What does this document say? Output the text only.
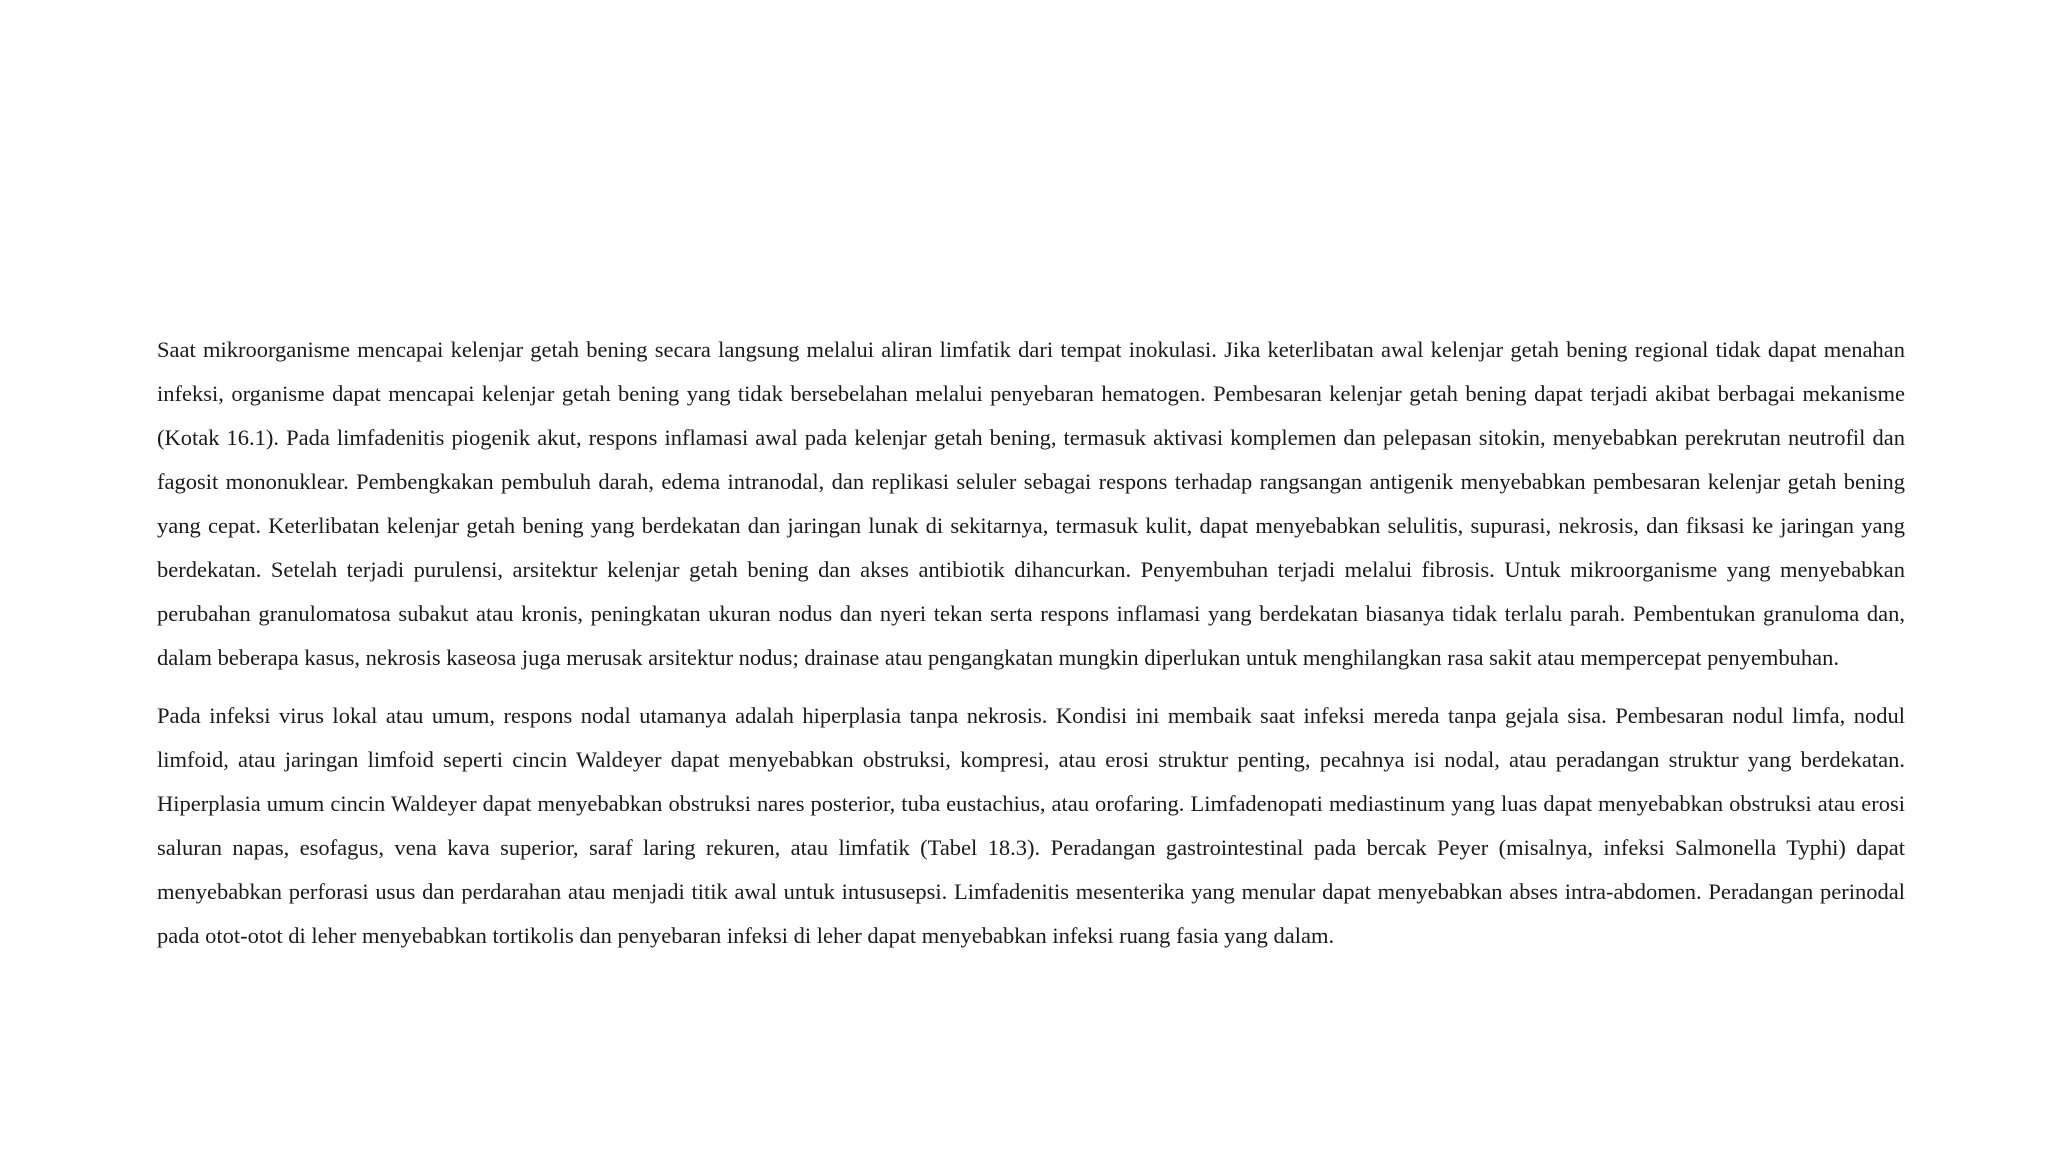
Saat mikroorganisme mencapai kelenjar getah bening secara langsung melalui aliran limfatik dari tempat inokulasi. Jika keterlibatan awal kelenjar getah bening regional tidak dapat menahan infeksi, organisme dapat mencapai kelenjar getah bening yang tidak bersebelahan melalui penyebaran hematogen. Pembesaran kelenjar getah bening dapat terjadi akibat berbagai mekanisme (Kotak 16.1). Pada limfadenitis piogenik akut, respons inflamasi awal pada kelenjar getah bening, termasuk aktivasi komplemen dan pelepasan sitokin, menyebabkan perekrutan neutrofil dan fagosit mononuklear. Pembengkakan pembuluh darah, edema intranodal, dan replikasi seluler sebagai respons terhadap rangsangan antigenik menyebabkan pembesaran kelenjar getah bening yang cepat. Keterlibatan kelenjar getah bening yang berdekatan dan jaringan lunak di sekitarnya, termasuk kulit, dapat menyebabkan selulitis, supurasi, nekrosis, dan fiksasi ke jaringan yang berdekatan. Setelah terjadi purulensi, arsitektur kelenjar getah bening dan akses antibiotik dihancurkan. Penyembuhan terjadi melalui fibrosis. Untuk mikroorganisme yang menyebabkan perubahan granulomatosa subakut atau kronis, peningkatan ukuran nodus dan nyeri tekan serta respons inflamasi yang berdekatan biasanya tidak terlalu parah. Pembentukan granuloma dan, dalam beberapa kasus, nekrosis kaseosa juga merusak arsitektur nodus; drainase atau pengangkatan mungkin diperlukan untuk menghilangkan rasa sakit atau mempercepat penyembuhan.

Pada infeksi virus lokal atau umum, respons nodal utamanya adalah hiperplasia tanpa nekrosis. Kondisi ini membaik saat infeksi mereda tanpa gejala sisa. Pembesaran nodul limfa, nodul limfoid, atau jaringan limfoid seperti cincin Waldeyer dapat menyebabkan obstruksi, kompresi, atau erosi struktur penting, pecahnya isi nodal, atau peradangan struktur yang berdekatan. Hiperplasia umum cincin Waldeyer dapat menyebabkan obstruksi nares posterior, tuba eustachius, atau orofaring. Limfadenopati mediastinum yang luas dapat menyebabkan obstruksi atau erosi saluran napas, esofagus, vena kava superior, saraf laring rekuren, atau limfatik (Tabel 18.3). Peradangan gastrointestinal pada bercak Peyer (misalnya, infeksi Salmonella Typhi) dapat menyebabkan perforasi usus dan perdarahan atau menjadi titik awal untuk intususepsi. Limfadenitis mesenterika yang menular dapat menyebabkan abses intra-abdomen. Peradangan perinodal pada otot-otot di leher menyebabkan tortikolis dan penyebaran infeksi di leher dapat menyebabkan infeksi ruang fasia yang dalam.
